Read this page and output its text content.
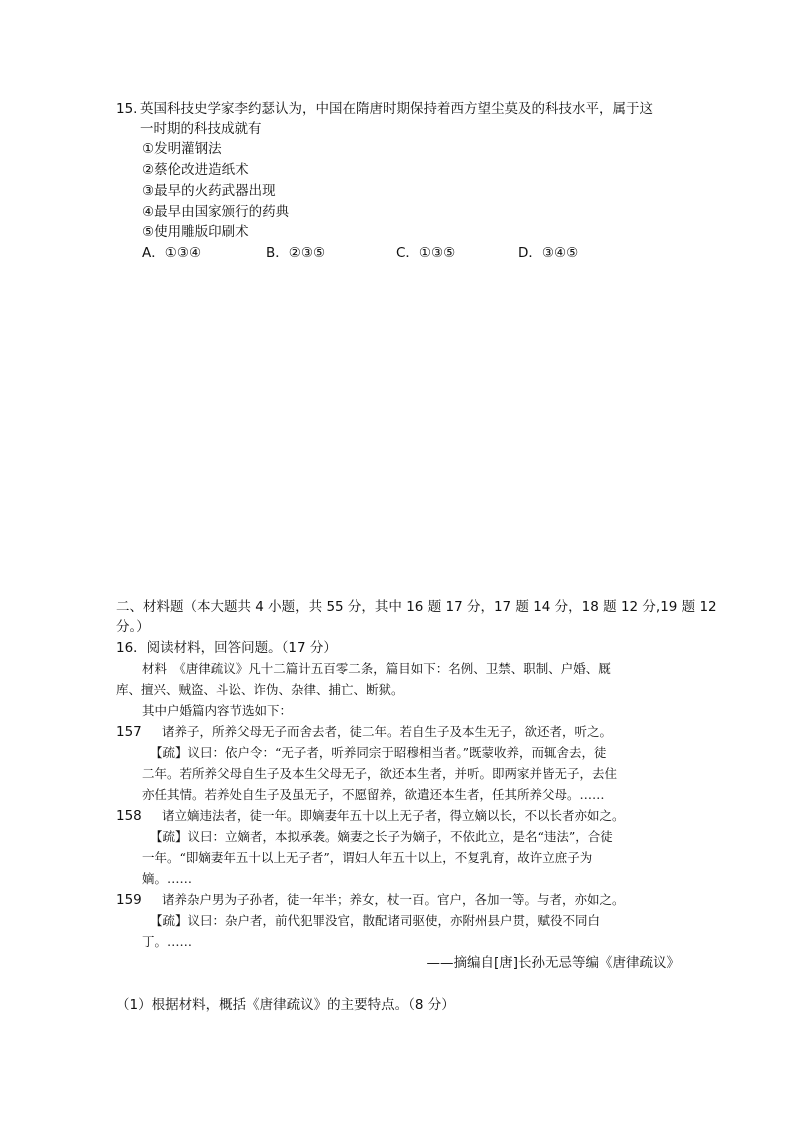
15. 英国科技史学家李约瑟认为，中国在隋唐时期保持着西方望尘莫及的科技水平，属于这
一时期的科技成就有
①发明灌钢法
②蔡伦改进造纸术
③最早的火药武器出现
④最早由国家颁行的药典
⑤使用雕版印刷术
A．①③④	B．②③⑤	C．①③⑤	D．③④⑤
二、材料题（本大题共 4 小题，共 55 分，其中 16 题 17 分，17 题 14 分，18 题 12 分,19 题 12
分。）
16．阅读材料，回答问题。（17 分）
材料　《唐律疏议》凡十二篇计五百零二条，篇目如下：名例、卫禁、职制、户婚、厩
库、擅兴、贼盗、斗讼、诈伪、杂律、捕亡、断狱。
其中户婚篇内容节选如下：
157 诸养子，所养父母无子而舍去者，徒二年。若自生子及本生无子，欲还者，听之。
【疏】议曰：依户令：“无子者，听养同宗于昭穆相当者。”既蒙收养，而辄舍去，徒
二年。若所养父母自生子及本生父母无子，欲还本生者，并听。即两家并皆无子，去住
亦任其情。若养处自生子及虽无子，不愿留养，欲遣还本生者，任其所养父母。……
158 诸立嫡违法者，徒一年。即嫡妻年五十以上无子者，得立嫡以长，不以长者亦如之。
【疏】议曰：立嫡者，本拟承袭。嫡妻之长子为嫡子，不依此立，是名“违法”，合徒
一年。“即嫡妻年五十以上无子者”，谓妇人年五十以上，不复乳育，故许立庶子为
嫡。……
159 诸养杂户男为子孙者，徒一年半；养女，杖一百。官户，各加一等。与者，亦如之。
【疏】议曰：杂户者，前代犯罪没官，散配诸司驱使，亦附州县户贯，赋役不同白
丁。……
——摘编自[唐]长孙无忌等编《唐律疏议》
（1）根据材料，概括《唐律疏议》的主要特点。（8 分）
